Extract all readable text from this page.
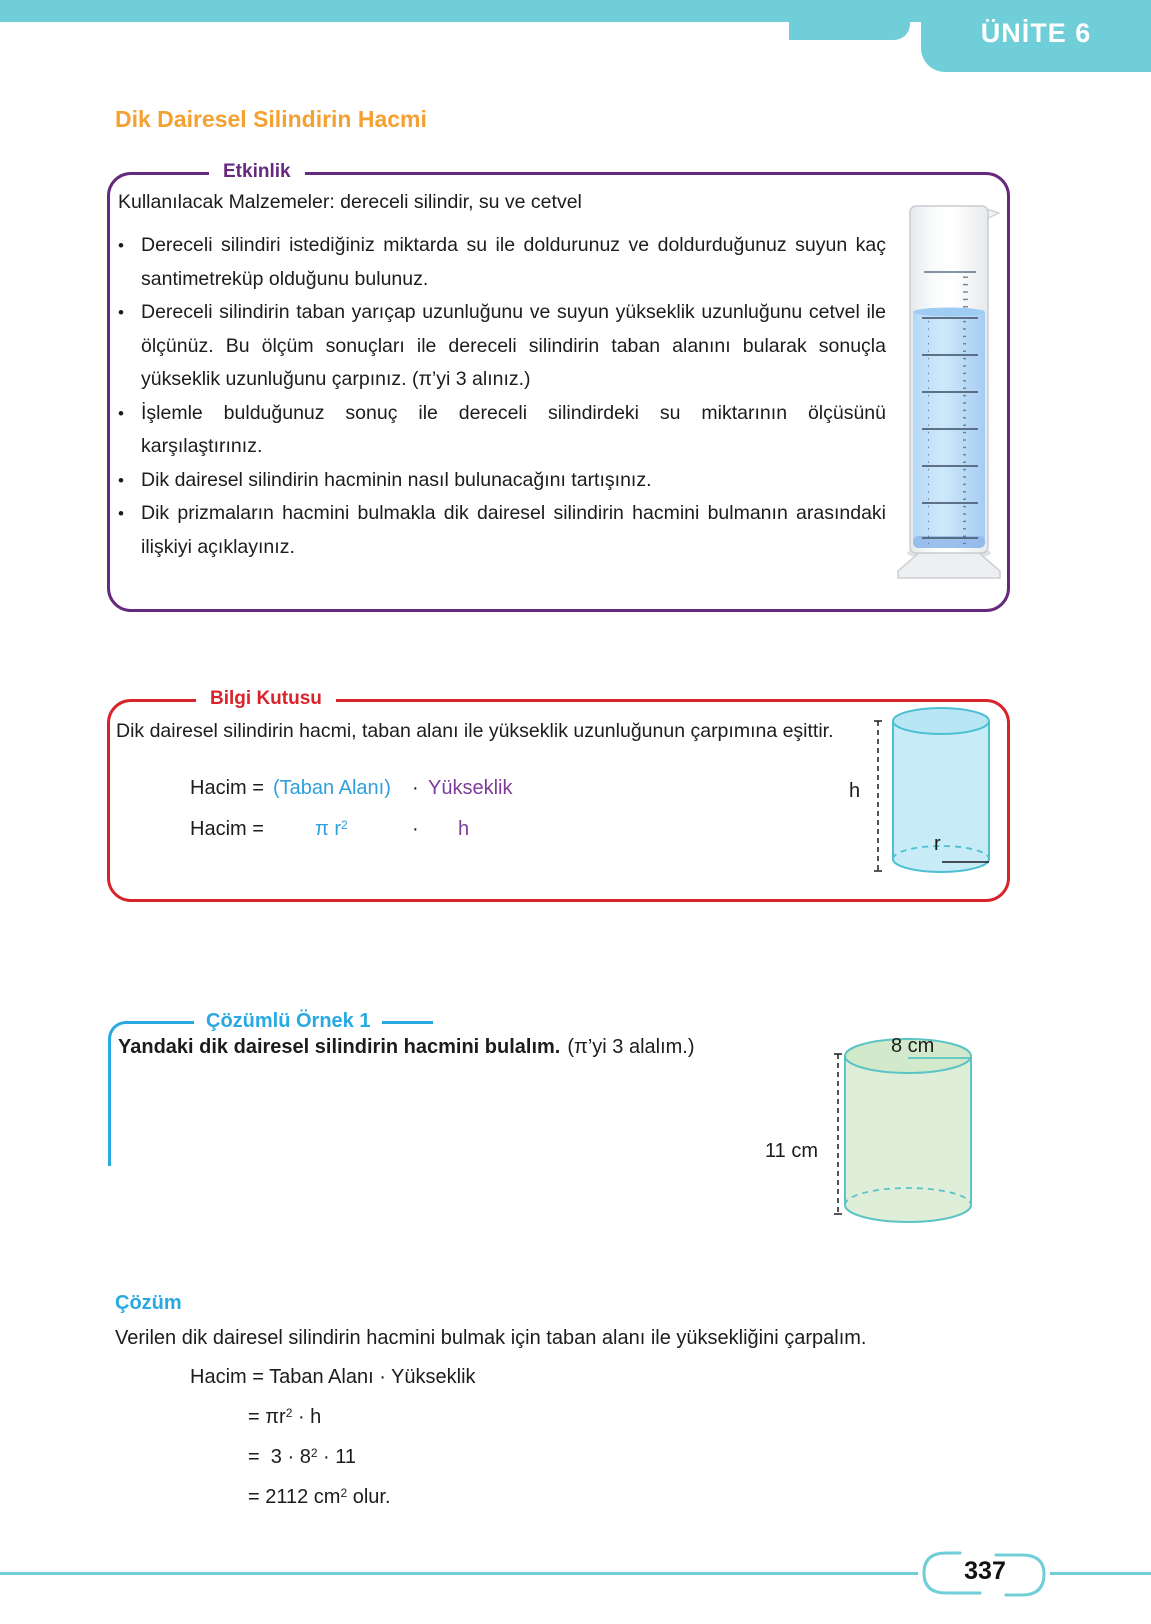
ÜNİTE 6
Dik Dairesel Silindirin Hacmi
Etkinlik
Kullanılacak Malzemeler: dereceli silindir, su ve cetvel
•
Dereceli silindiri istediğiniz miktarda su ile doldurunuz ve doldurduğunuz suyun kaç santimetreküp olduğunu bulunuz.
•
Dereceli silindirin taban yarıçap uzunluğunu ve suyun yükseklik uzunluğunu cetvel ile ölçünüz. Bu ölçüm sonuçları ile dereceli silindirin taban alanını bularak sonuçla yükseklik uzunluğunu çarpınız. (π’yi 3 alınız.)
•
İşlemle bulduğunuz sonuç ile dereceli silindirdeki su miktarının ölçüsünü karşılaştırınız.
•
Dik dairesel silindirin hacminin nasıl bulunacağını tartışınız.
•
Dik prizmaların hacmini bulmakla dik dairesel silindirin hacmini bulmanın arasındaki ilişkiyi açıklayınız.
Bilgi Kutusu
Dik dairesel silindirin hacmi, taban alanı ile yükseklik uzunluğunun çarpımına eşittir.
Hacim = (Taban Alanı) · Yükseklik
Hacim =	π $r^2$	· h
h
r
Çözümlü Örnek 1
Yandaki dik dairesel silindirin hacmini bulalım. (π’yi 3 alalım.)	8 cm
11 cm
Çözüm
Verilen dik dairesel silindirin hacmini bulmak için taban alanı ile yüksekliğini çarpalım.
Hacim = Taban Alanı · Yükseklik
= $\pi r^2 \cdot h$
=  $3 \cdot 8^2 \cdot 11$
= 2112 $cm^2$ olur.
337
